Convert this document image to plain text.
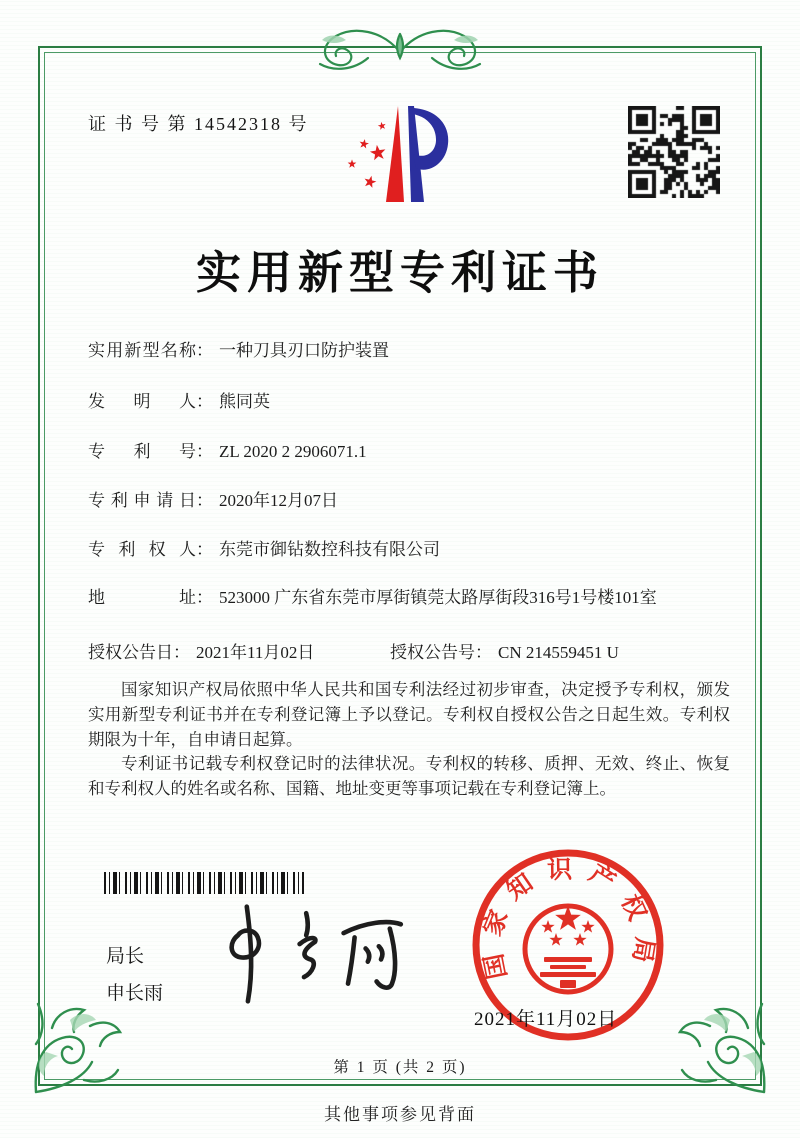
证 书 号 第 14542318 号
实用新型专利证书
实用新型名称 ： 一种刀具刃口防护装置
发明人 ： 熊同英
专利号 ： ZL 2020 2 2906071.1
专利申请日 ： 2020年12月07日
专利权人 ： 东莞市御钻数控科技有限公司
地址 ： 523000 广东省东莞市厚街镇莞太路厚街段316号1号楼101室
授权公告日 ： 2021年11月02日	授权公告号 ： CN 214559451 U

国家知识产权局依照中华人民共和国专利法经过初步审查，决定授予专利权，颁发实用新型专利证书并在专利登记簿上予以登记。专利权自授权公告之日起生效。专利权期限为十年，自申请日起算。

专利证书记载专利权登记时的法律状况。专利权的转移、质押、无效、终止、恢复和专利权人的姓名或名称、国籍、地址变更等事项记载在专利登记簿上。

局长
申长雨
国家知识产权局
2021年11月02日
第 1 页 (共 2 页)
其他事项参见背面
